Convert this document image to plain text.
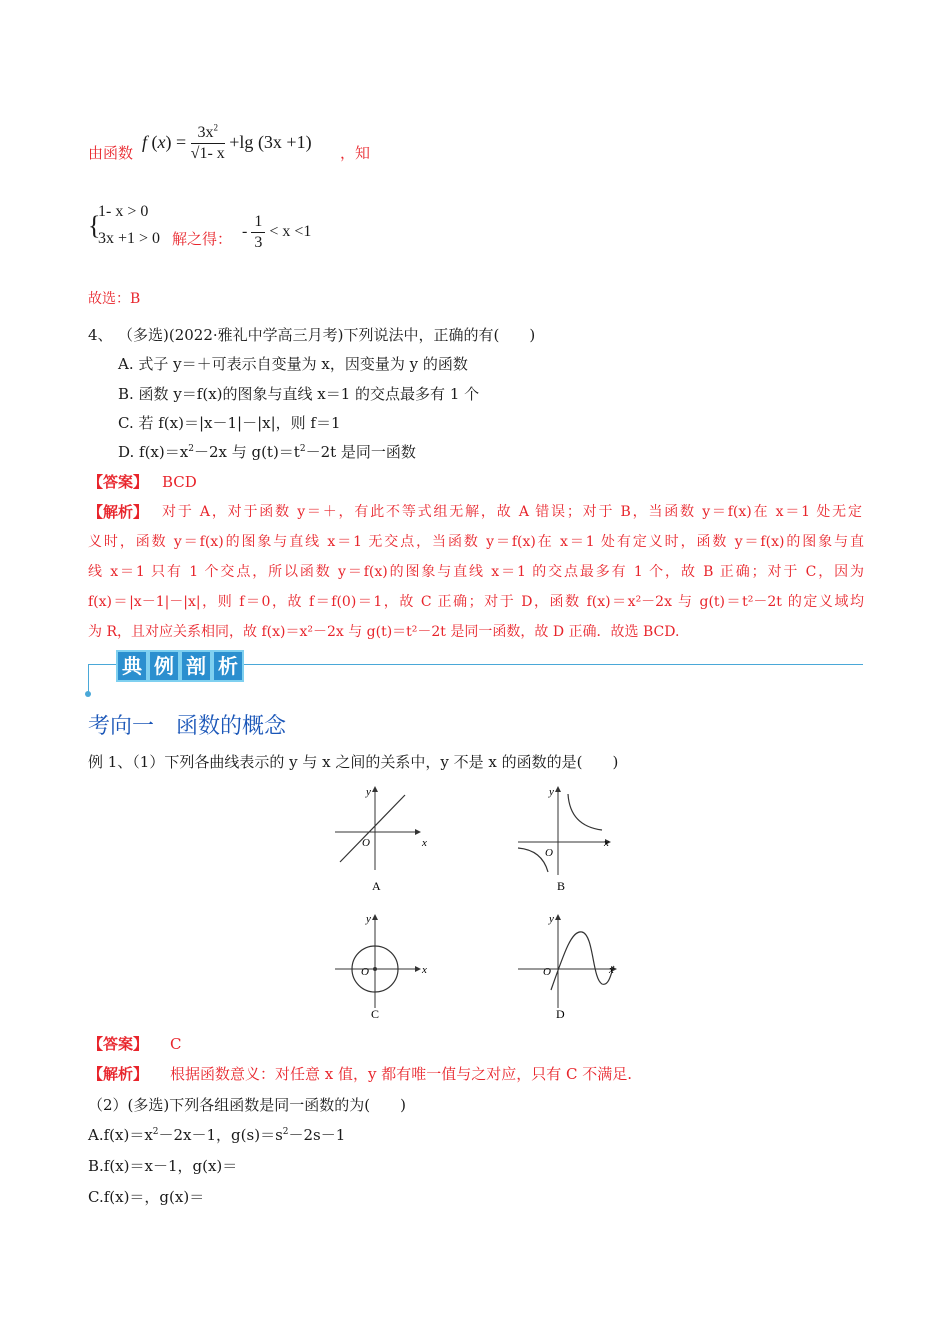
由函数
f $(x) = \frac{3x^2}{√1- x} +\lg$ (3x +1)
，知
{
1- x > 0
3x +1 > 0 解之得： - $\frac{1}{3} < x <1$
故选：B
4、 （多选)(2022·雅礼中学高三月考)下列说法中，正确的有(　　)
A. 式子 y＝＋可表示自变量为 x，因变量为 y 的函数
B. 函数 y＝f(x)的图象与直线 x＝1 的交点最多有 1 个
C. 若 f(x)＝|x－1|－|x|，则 f＝1
D. $f(x)=x^2-2x$ 与 $g(t)=t^2-2t$ 是同一函数
【答案】 BCD
【解析】 对于 A，对于函数 y＝＋，有此不等式组无解，故 A 错误；对于 B，当函数 y＝f(x)在 x＝1 处无定
义时，函数 y＝f(x)的图象与直线 x＝1 无交点，当函数 y＝f(x)在 x＝1 处有定义时，函数 y＝f(x)的图象与直
线 x＝1 只有 1 个交点，所以函数 y＝f(x)的图象与直线 x＝1 的交点最多有 1 个，故 B 正确；对于 C，因为
f(x)＝|x－1|－|x|，则 f＝0，故 f＝f(0)＝1，故 C 正确；对于 D，函数 f(x)＝x²－2x 与 g(t)＝t²－2t 的定义域均
为 R，且对应关系相同，故 f(x)＝x²－2x 与 g(t)＝t²－2t 是同一函数，故 D 正确．故选 BCD.
典 例 剖 析
考向一　函数的概念
例 1、（1）下列各曲线表示的 y 与 x 之间的关系中，y 不是 x 的函数的是(　　)
x
y
O
A
x
y
O
B
x
y
O
C
x
y
O
D
【答案】 C
【解析】 根据函数意义：对任意 x 值，y 都有唯一值与之对应，只有 C 不满足.
（2）(多选)下列各组函数是同一函数的为(　　)
$A.f(x)=x^2-2x-1$，$g(s)=s^2-2s-1$
B.f(x)＝x－1，g(x)＝
C.f(x)＝，g(x)＝
